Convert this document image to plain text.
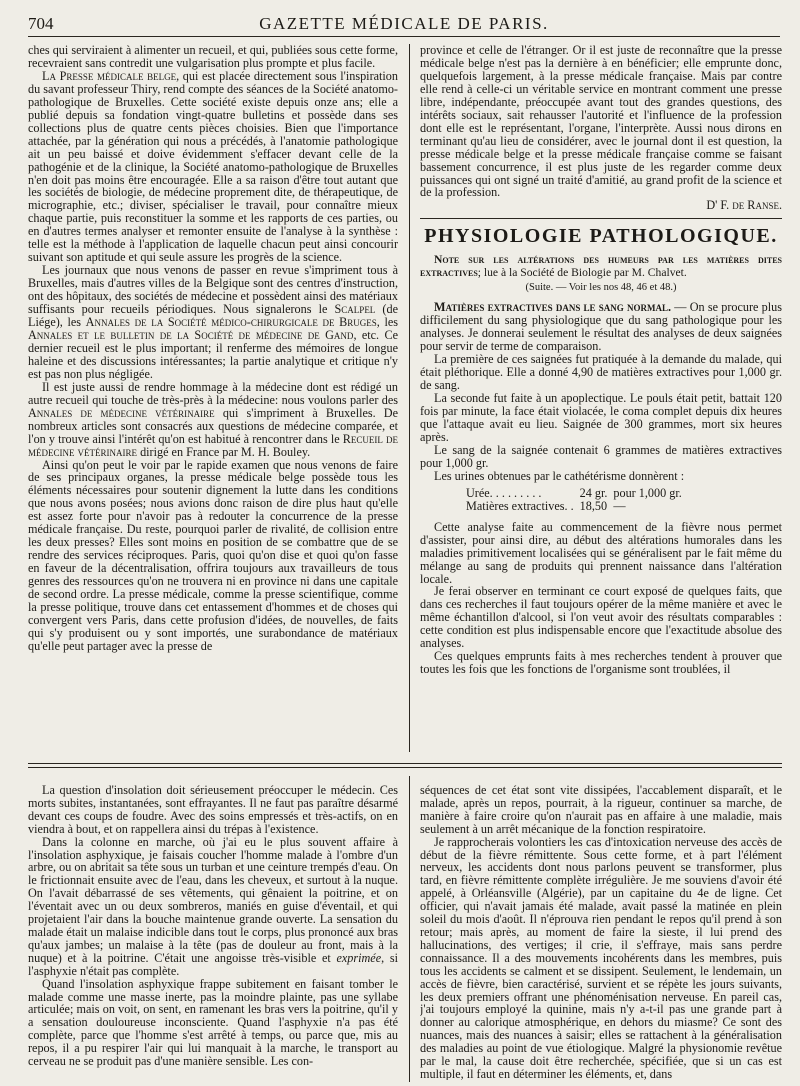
704	GAZETTE MÉDICALE DE PARIS.

ches qui serviraient à alimenter un recueil, et qui, publiées sous cette forme, recevraient sans contredit une vulgarisation plus prompte et plus facile.

La Presse médicale belge, qui est placée directement sous l'inspiration du savant professeur Thiry, rend compte des séances de la Société anatomo-pathologique de Bruxelles. Cette société existe depuis onze ans; elle a publié depuis sa fondation vingt-quatre bulletins et possède dans ses collections plus de quatre cents pièces choisies. Bien que l'importance attachée, par la génération qui nous a précédés, à l'anatomie pathologique ait un peu baissé et doive évidemment s'effacer devant celle de la pathogénie et de la clinique, la Société anatomo-pathologique de Bruxelles n'en doit pas moins être encouragée. Elle a sa raison d'être tout autant que les sociétés de biologie, de médecine proprement dite, de thérapeutique, de micrographie, etc.; diviser, spécialiser le travail, pour connaître mieux chaque partie, puis reconstituer la somme et les rapports de ces parties, ou en d'autres termes analyser et remonter ensuite de l'analyse à la synthèse : telle est la méthode à l'application de laquelle chacun peut ainsi concourir suivant son aptitude et qui seule assure les progrès de la science.

Les journaux que nous venons de passer en revue s'impriment tous à Bruxelles, mais d'autres villes de la Belgique sont des centres d'instruction, ont des hôpitaux, des sociétés de médecine et possèdent ainsi des matériaux suffisants pour recueils périodiques. Nous signalerons le Scalpel (de Liége), les Annales de la Société médico-chirurgicale de Bruges, les Annales et le bulletin de la Société de médecine de Gand, etc. Ce dernier recueil est le plus important; il renferme des mémoires de longue haleine et des discussions intéressantes; la partie analytique et critique n'y est pas non plus négligée.

Il est juste aussi de rendre hommage à la médecine dont est rédigé un autre recueil qui touche de très-près à la médecine: nous voulons parler des Annales de médecine vétérinaire qui s'impriment à Bruxelles. De nombreux articles sont consacrés aux questions de médecine comparée, et l'on y trouve ainsi l'intérêt qu'on est habitué à rencontrer dans le Recueil de médecine vétérinaire dirigé en France par M. H. Bouley.

Ainsi qu'on peut le voir par le rapide examen que nous venons de faire de ses principaux organes, la presse médicale belge possède tous les éléments nécessaires pour soutenir dignement la lutte dans les conditions que nous avons posées; nous avions donc raison de dire plus haut qu'elle est assez forte pour n'avoir pas à redouter la concurrence de la presse médicale française. Du reste, pourquoi parler de rivalité, de collision entre les deux presses? Elles sont moins en position de se combattre que de se rendre des services réciproques. Paris, quoi qu'on dise et quoi qu'on fasse en faveur de la décentralisation, offrira toujours aux travailleurs de tous genres des ressources qu'on ne trouvera ni en province ni dans une capitale de second ordre. La presse médicale, comme la presse scientifique, comme la presse politique, trouve dans cet entassement d'hommes et de choses qui convergent vers Paris, dans cette profusion d'idées, de nouvelles, de faits qui s'y produisent ou y sont importés, une surabondance de matériaux qu'elle peut partager avec la presse de

province et celle de l'étranger. Or il est juste de reconnaître que la presse médicale belge n'est pas la dernière à en bénéficier; elle emprunte donc, quelquefois largement, à la presse médicale française. Mais par contre elle rend à celle-ci un véritable service en montrant comment une presse libre, indépendante, préoccupée avant tout des grandes questions, des intérêts sociaux, sait rehausser l'autorité et l'influence de la profession dont elle est le représentant, l'organe, l'interprète. Aussi nous dirons en terminant qu'au lieu de considérer, avec le journal dont il est question, la presse médicale belge et la presse médicale française comme se faisant bassement concurrence, il est plus juste de les regarder comme deux puissances qui ont signé un traité d'amitié, au grand profit de la science et de la profession.

D' F. de Ranse.

PHYSIOLOGIE PATHOLOGIQUE.

Note sur les altérations des humeurs par les matières dites extractives; lue à la Société de Biologie par M. Chalvet.

(Suite. — Voir les nos 48, 46 et 48.)

Matières extractives dans le sang normal. — On se procure plus difficilement du sang physiologique que du sang pathologique pour les analyses. Je donnerai seulement le résultat des analyses de deux saignées pour servir de terme de comparaison.

La première de ces saignées fut pratiquée à la demande du malade, qui était pléthorique. Elle a donné 4,90 de matières extractives pour 1,000 gr. de sang.

La seconde fut faite à un apoplectique. Le pouls était petit, battait 120 fois par minute, la face était violacée, le coma complet depuis dix heures que l'attaque avait eu lieu. Saignée de 300 grammes, mort six heures après.

Le sang de la saignée contenait 6 grammes de matières extractives pour 1,000 gr.

Les urines obtenues par le cathétérisme donnèrent :

Urée. . . . . . . . .	24 gr.	pour 1,000 gr.
Matières extractives. .	18,50	—

Cette analyse faite au commencement de la fièvre nous permet d'assister, pour ainsi dire, au début des altérations humorales dans les maladies primitivement localisées qui se généralisent par le fait même du mélange au sang de produits qui prennent naissance dans l'altération locale.

Je ferai observer en terminant ce court exposé de quelques faits, que dans ces recherches il faut toujours opérer de la même manière et avec le même échantillon d'alcool, si l'on veut avoir des résultats comparables : cette condition est plus indispensable encore que l'exactitude absolue des analyses.

Ces quelques emprunts faits à mes recherches tendent à prouver que toutes les fois que les fonctions de l'organisme sont troublées, il

La question d'insolation doit sérieusement préoccuper le médecin. Ces morts subites, instantanées, sont effrayantes. Il ne faut pas paraître désarmé devant ces coups de foudre. Avec des soins empressés et très-actifs, on en viendra à bout, et on rappellera ainsi du trépas à l'existence.

Dans la colonne en marche, où j'ai eu le plus souvent affaire à l'insolation asphyxique, je faisais coucher l'homme malade à l'ombre d'un arbre, ou on abritait sa tête sous un turban et une ceinture trempés d'eau. On le frictionnait ensuite avec de l'eau, dans les cheveux, et surtout à la nuque. On l'avait débarrassé de ses vêtements, qui gênaient la poitrine, et on l'éventait avec un ou deux sombreros, maniés en guise d'éventail, et qui projetaient l'air dans la bouche maintenue grande ouverte. La sensation du malade était un malaise indicible dans tout le corps, plus prononcé aux bras qu'aux jambes; un malaise à la tête (pas de douleur au front, mais à la nuque) et à la poitrine. C'était une angoisse très-visible et exprimée, si l'asphyxie n'était pas complète.

Quand l'insolation asphyxique frappe subitement en faisant tomber le malade comme une masse inerte, pas la moindre plainte, pas une syllabe articulée; mais on voit, on sent, en ramenant les bras vers la poitrine, qu'il y a sensation douloureuse inconsciente. Quand l'asphyxie n'a pas été complète, parce que l'homme s'est arrêté à temps, ou parce que, mis au repos, il a pu respirer l'air qui lui manquait à la marche, le transport au cerveau ne se produit pas d'une manière sensible. Les con-

séquences de cet état sont vite dissipées, l'accablement disparaît, et le malade, après un repos, pourrait, à la rigueur, continuer sa marche, de manière à faire croire qu'on n'aurait pas en affaire à une maladie, mais seulement à un arrêt mécanique de la fonction respiratoire.

Je rapprocherais volontiers les cas d'intoxication nerveuse des accès de début de la fièvre rémittente. Sous cette forme, et à part l'élément nerveux, les accidents dont nous parlons peuvent se transformer, plus tard, en fièvre rémittente complète irrégulière. Je me souviens d'avoir été appelé, à Orléansville (Algérie), par un capitaine du 4e de ligne. Cet officier, qui n'avait jamais été malade, avait passé la matinée en plein soleil du mois d'août. Il n'éprouva rien pendant le repos qu'il prend à son retour; mais après, au moment de faire la sieste, il lui prend des hallucinations, des vertiges; il crie, il s'effraye, mais sans perdre connaissance. Il a des mouvements incohérents dans les membres, puis tous les accidents se calment et se dissipent. Seulement, le lendemain, un accès de fièvre, bien caractérisé, survient et se répète les jours suivants, les deux premiers offrant une phénoménisation nerveuse. En pareil cas, j'ai toujours employé la quinine, mais n'y a-t-il pas une grande part à donner au calorique atmosphérique, en dehors du miasme? Ce sont des nuances, mais des nuances à saisir; elles se rattachent à la généralisation des maladies au point de vue étiologique. Malgré la physionomie revêtue par le mal, la cause doit être recherchée, spécifiée, que si un cas est multiple, il faut en déterminer les éléments, et, dans
